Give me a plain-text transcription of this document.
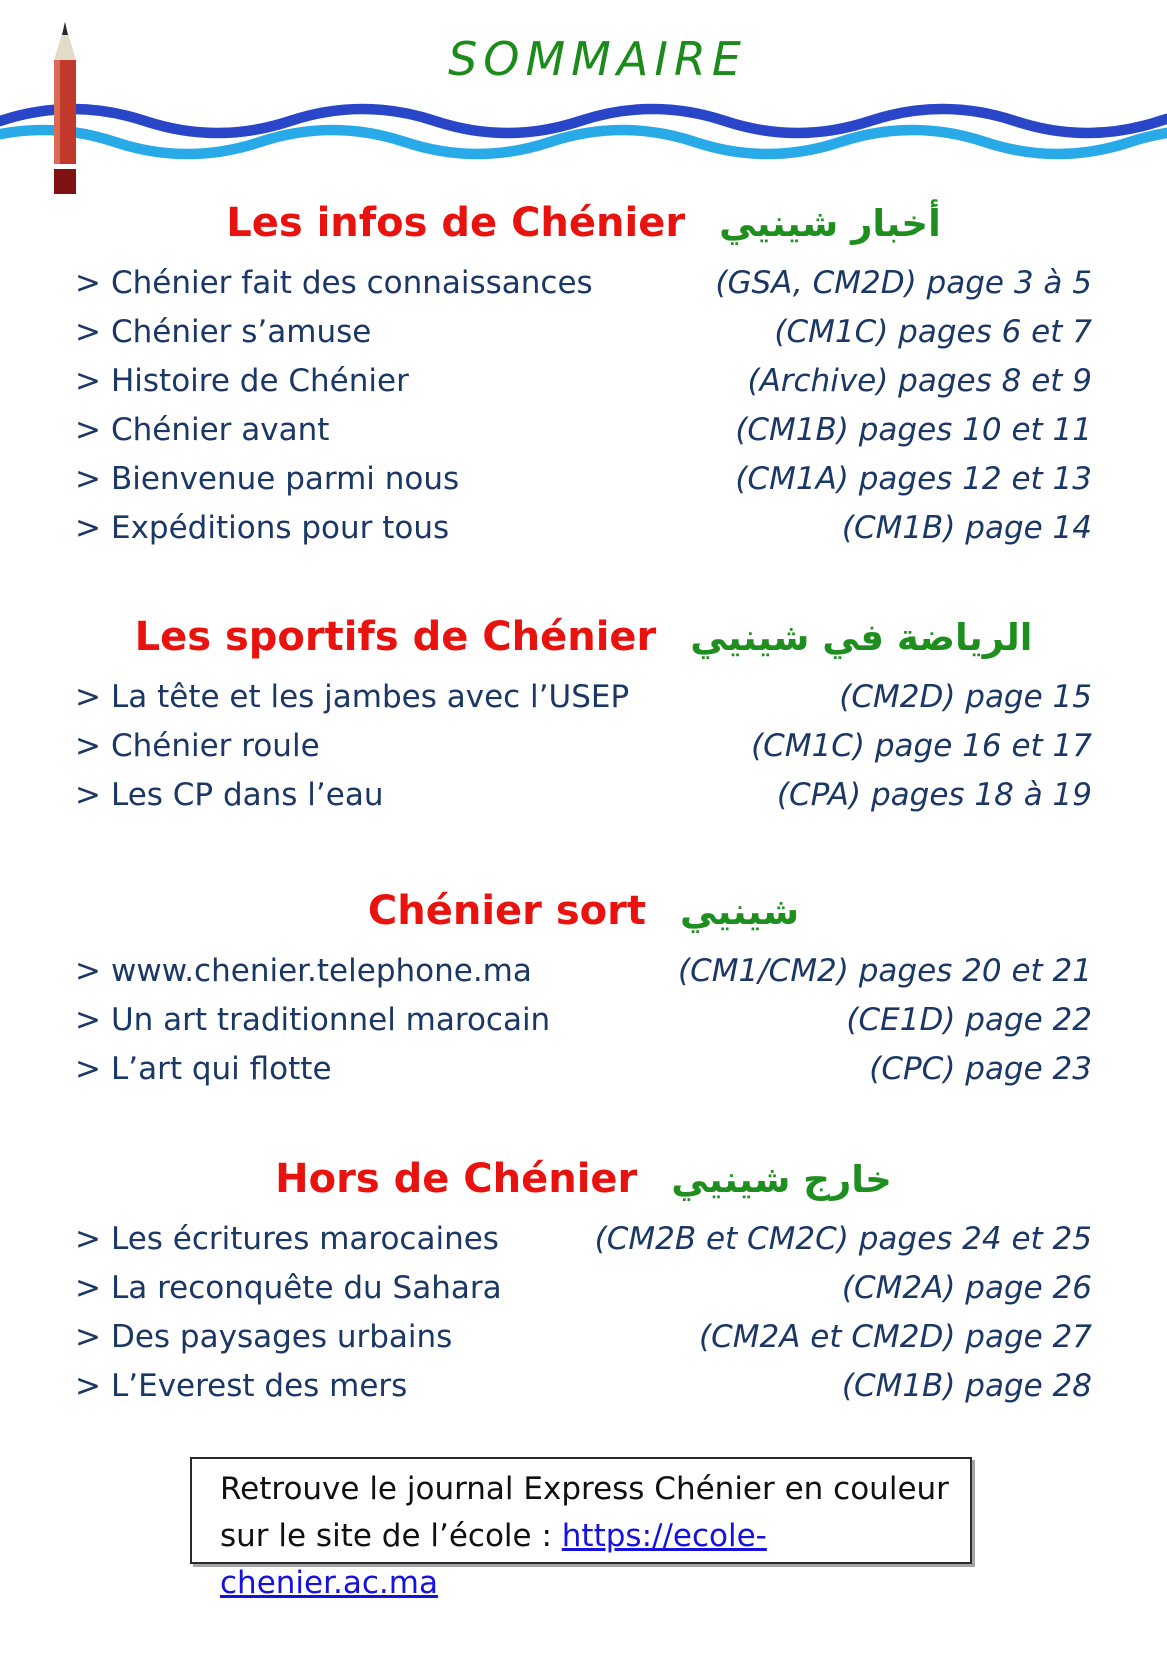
SOMMAIRE
Les infos de Chénier أخبار شينيي
> Chénier fait des connaissances	(GSA, CM2D) page 3 à 5
> Chénier s’amuse	(CM1C) pages 6 et 7
> Histoire de Chénier	(Archive) pages 8 et 9
> Chénier avant	(CM1B) pages 10 et 11
> Bienvenue parmi nous	(CM1A) pages 12 et 13
> Expéditions pour tous	(CM1B) page 14
Les sportifs de Chénier الرياضة في شينيي
> La tête et les jambes avec l’USEP	(CM2D) page 15
> Chénier roule	(CM1C) page 16 et 17
> Les CP dans l’eau	(CPA) pages 18 à 19
Chénier sort شينيي
> www.chenier.telephone.ma	(CM1/CM2) pages 20 et 21
> Un art traditionnel marocain	(CE1D) page 22
> L’art qui flotte	(CPC) page 23
Hors de Chénier خارج شينيي
> Les écritures marocaines	(CM2B et CM2C) pages 24 et 25
> La reconquête du Sahara	(CM2A) page 26
> Des paysages urbains	(CM2A et CM2D) page 27
> L’Everest des mers	(CM1B) page 28
Retrouve le journal Express Chénier en couleur
sur le site de l’école : https://ecole-chenier.ac.ma
